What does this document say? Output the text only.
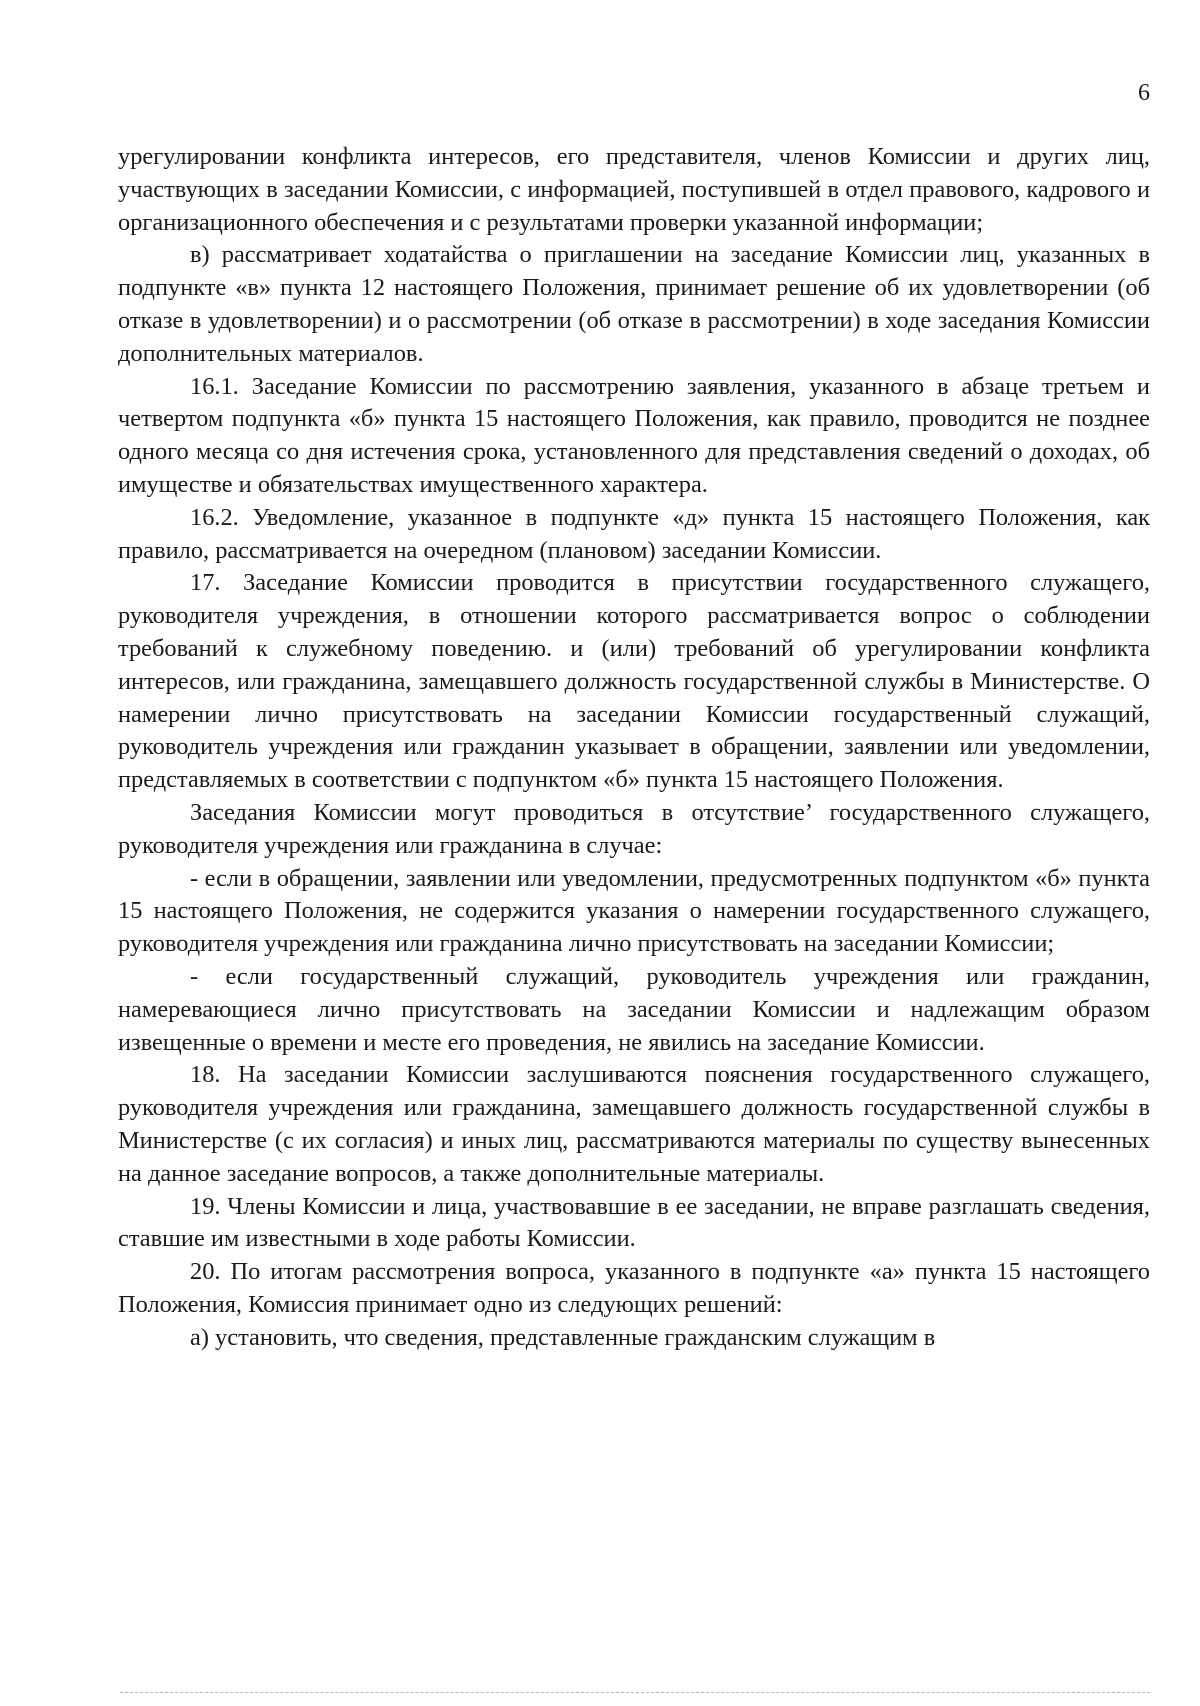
6

урегулировании конфликта интересов, его представителя, членов Комиссии и других лиц, участвующих в заседании Комиссии, с информацией, поступившей в отдел правового, кадрового и организационного обеспечения и с результатами проверки указанной информации;

в) рассматривает ходатайства о приглашении на заседание Комиссии лиц, указанных в подпункте «в» пункта 12 настоящего Положения, принимает решение об их удовлетворении (об отказе в удовлетворении) и о рассмотрении (об отказе в рассмотрении) в ходе заседания Комиссии дополнительных материалов.

16.1. Заседание Комиссии по рассмотрению заявления, указанного в абзаце третьем и четвертом подпункта «б» пункта 15 настоящего Положения, как правило, проводится не позднее одного месяца со дня истечения срока, установленного для представления сведений о доходах, об имуществе и обязательствах имущественного характера.

16.2. Уведомление, указанное в подпункте «д» пункта 15 настоящего Положения, как правило, рассматривается на очередном (плановом) заседании Комиссии.

17. Заседание Комиссии проводится в присутствии государственного служащего, руководителя учреждения, в отношении которого рассматривается вопрос о соблюдении требований к служебному поведению. и (или) требований об урегулировании конфликта интересов, или гражданина, замещавшего должность государственной службы в Министерстве. О намерении лично присутствовать на заседании Комиссии государственный служащий, руководитель учреждения или гражданин указывает в обращении, заявлении или уведомлении, представляемых в соответствии с подпунктом «б» пункта 15 настоящего Положения.

Заседания Комиссии могут проводиться в отсутствие’ государственного служащего, руководителя учреждения или гражданина в случае:

- если в обращении, заявлении или уведомлении, предусмотренных подпунктом «б» пункта 15 настоящего Положения, не содержится указания о намерении государственного служащего, руководителя учреждения или гражданина лично присутствовать на заседании Комиссии;

- если государственный служащий, руководитель учреждения или гражданин, намеревающиеся лично присутствовать на заседании Комиссии и надлежащим образом извещенные о времени и месте его проведения, не явились на заседание Комиссии.

18. На заседании Комиссии заслушиваются пояснения государственного служащего, руководителя учреждения или гражданина, замещавшего должность государственной службы в Министерстве (с их согласия) и иных лиц, рассматриваются материалы по существу вынесенных на данное заседание вопросов, а также дополнительные материалы.

19. Члены Комиссии и лица, участвовавшие в ее заседании, не вправе разглашать сведения, ставшие им известными в ходе работы Комиссии.

20. По итогам рассмотрения вопроса, указанного в подпункте «а» пункта 15 настоящего Положения, Комиссия принимает одно из следующих решений:

а) установить, что сведения, представленные гражданским служащим в
